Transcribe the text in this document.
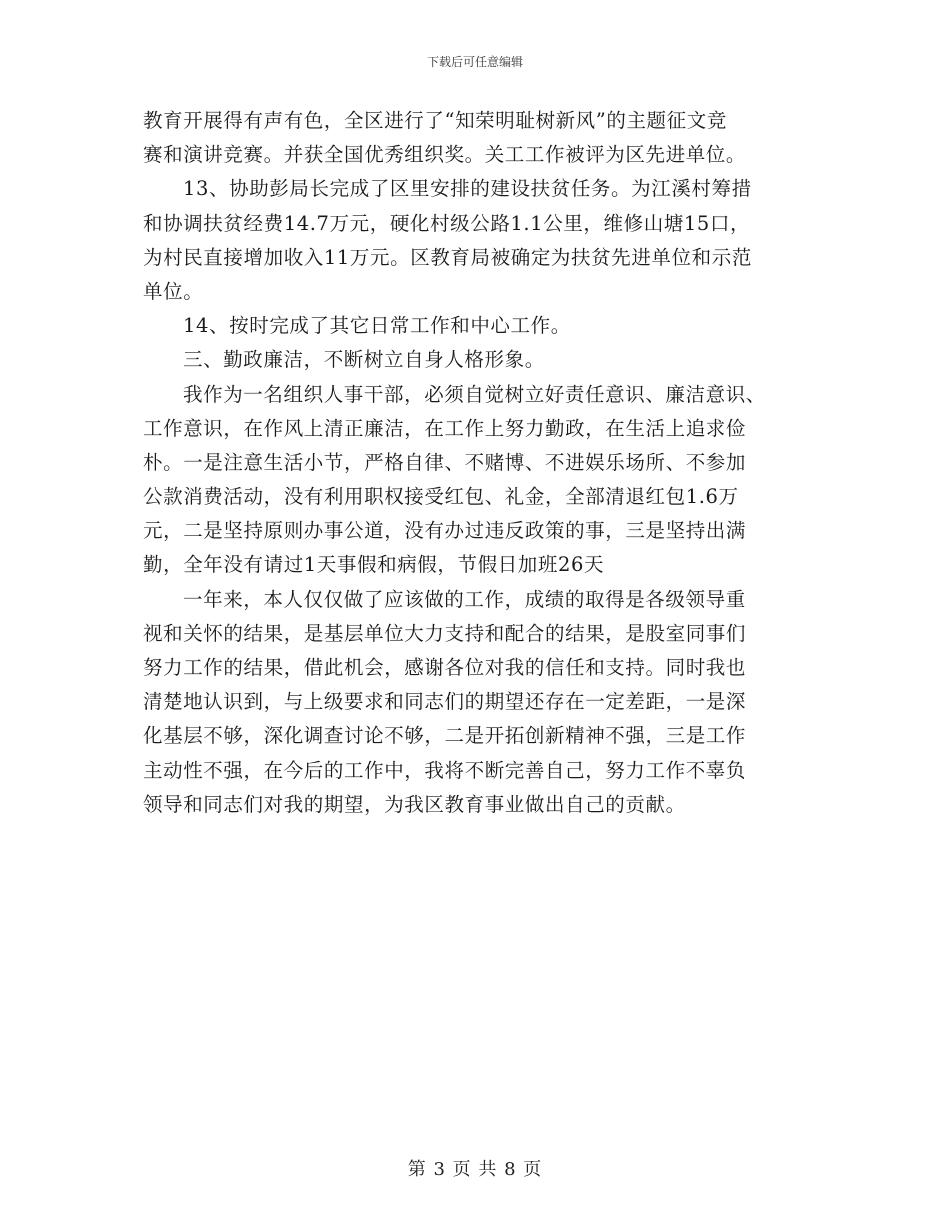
下载后可任意编辑
教育开展得有声有色，全区进行了“知荣明耻树新风”的主题征文竞
赛和演讲竞赛。并获全国优秀组织奖。关工工作被评为区先进单位。
13、协助彭局长完成了区里安排的建设扶贫任务。为江溪村筹措
和协调扶贫经费14.7万元，硬化村级公路1.1公里，维修山塘15口，
为村民直接增加收入11万元。区教育局被确定为扶贫先进单位和示范
单位。
14、按时完成了其它日常工作和中心工作。
三、勤政廉洁，不断树立自身人格形象。
我作为一名组织人事干部，必须自觉树立好责任意识、廉洁意识、
工作意识，在作风上清正廉洁，在工作上努力勤政，在生活上追求俭
朴。一是注意生活小节，严格自律、不赌博、不进娱乐场所、不参加
公款消费活动，没有利用职权接受红包、礼金，全部清退红包1.6万
元，二是坚持原则办事公道，没有办过违反政策的事，三是坚持出满
勤，全年没有请过1天事假和病假，节假日加班26天
一年来，本人仅仅做了应该做的工作，成绩的取得是各级领导重
视和关怀的结果，是基层单位大力支持和配合的结果，是股室同事们
努力工作的结果，借此机会，感谢各位对我的信任和支持。同时我也
清楚地认识到，与上级要求和同志们的期望还存在一定差距，一是深
化基层不够，深化调查讨论不够，二是开拓创新精神不强，三是工作
主动性不强，在今后的工作中，我将不断完善自己，努力工作不辜负
领导和同志们对我的期望，为我区教育事业做出自己的贡献。
第 3 页 共 8 页
